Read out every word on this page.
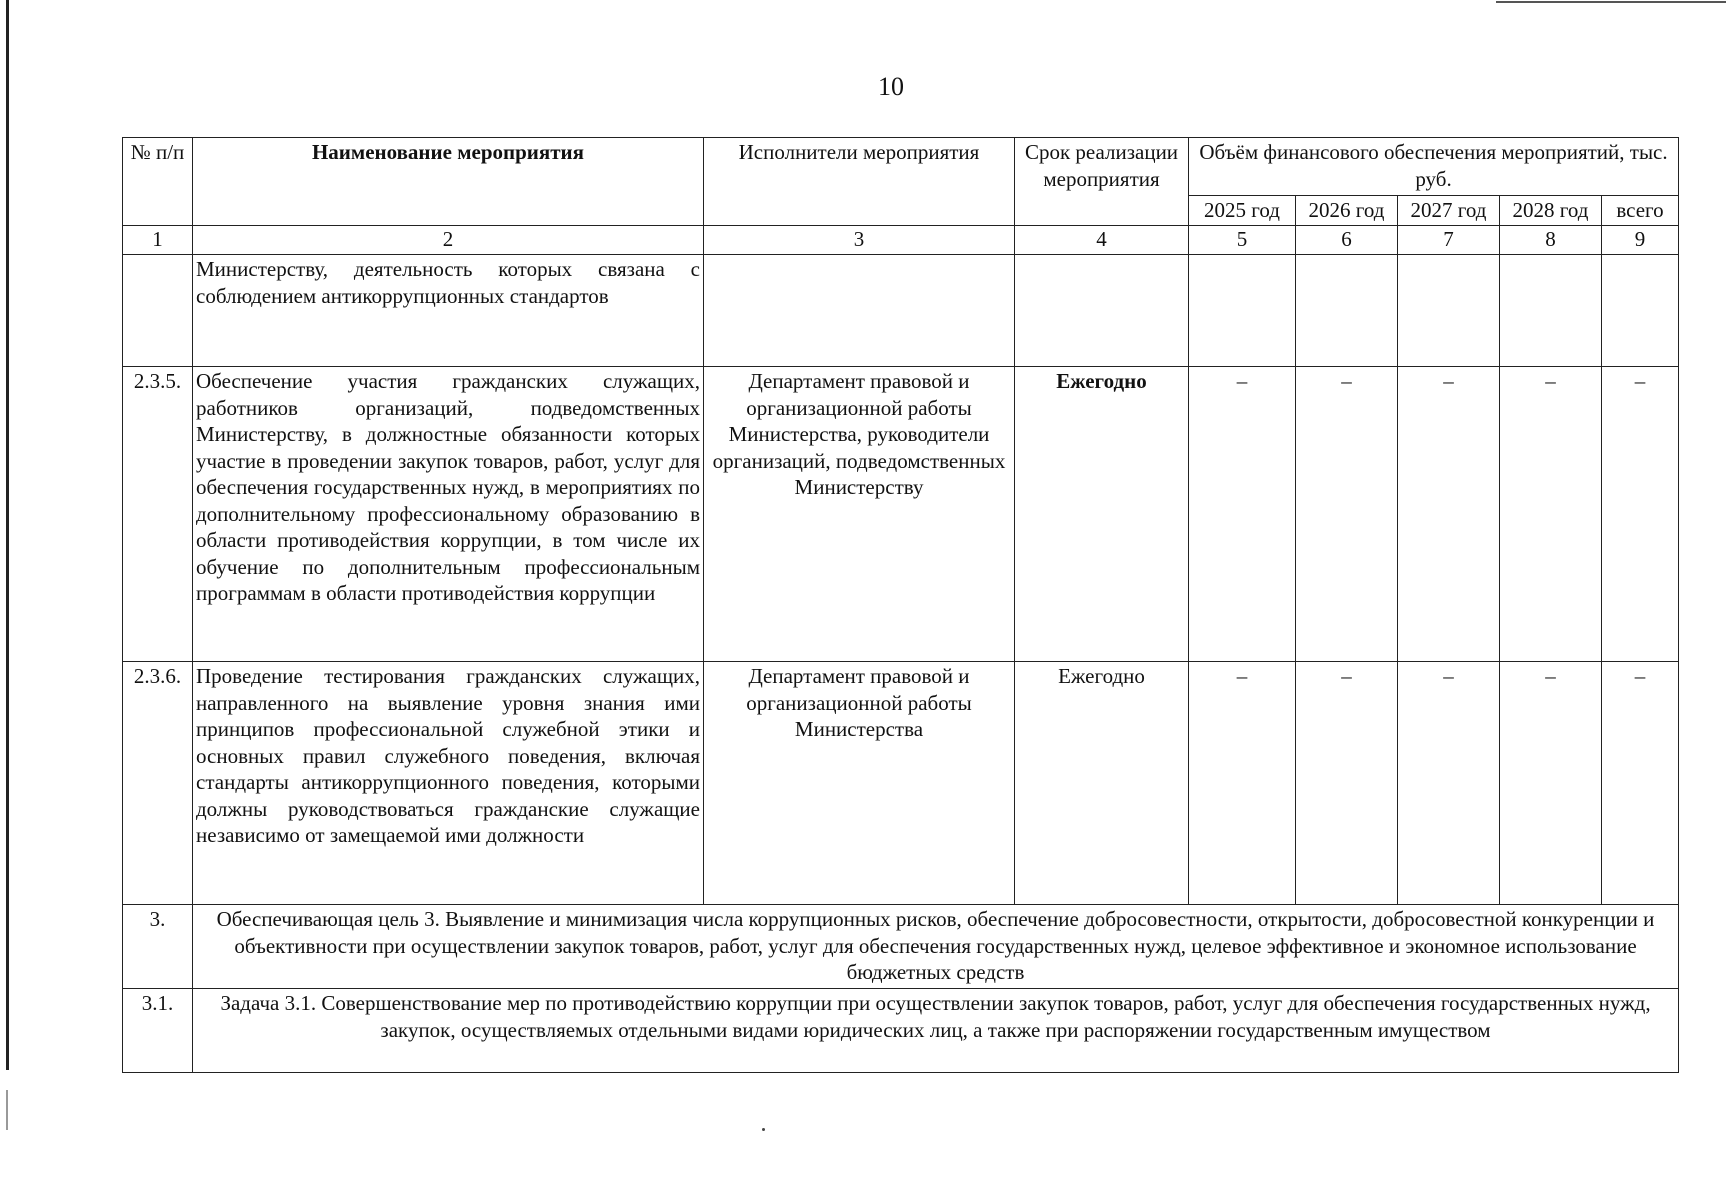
10
№ п/п	Наименование мероприятия	Исполнители мероприятия	Срок реализации мероприятия	Объём финансового обеспечения мероприятий, тыс. руб.				
				2025 год	2026 год	2027 год	2028 год	всего
1	2	3	4	5	6	7	8	9
	Министерству, деятельность которых связана с соблюдением антикоррупционных стандартов							
2.3.5.	Обеспечение участия гражданских служащих, работников организаций, подведомственных Министерству, в должностные обязанности которых участие в проведении закупок товаров, работ, услуг для обеспечения государственных нужд, в мероприятиях по дополнительному профессиональному образованию в области противодействия коррупции, в том числе их обучение по дополнительным профессиональным программам в области противодействия коррупции	Департамент правовой и организационной работы Министерства, руководители организаций, подведомственных Министерству	Ежегодно	–	–	–	–	–
2.3.6.	Проведение тестирования гражданских служащих, направленного на выявление уровня знания ими принципов профессиональной служебной этики и основных правил служебного поведения, включая стандарты антикоррупционного поведения, которыми должны руководствоваться гражданские служащие независимо от замещаемой ими должности	Департамент правовой и организационной работы Министерства	Ежегодно	–	–	–	–	–
3.	Обеспечивающая цель 3. Выявление и минимизация числа коррупционных рисков, обеспечение добросовестности, открытости, добросовестной конкуренции и объективности при осуществлении закупок товаров, работ, услуг для обеспечения государственных нужд, целевое эффективное и экономное использование бюджетных средств							
3.1.	Задача 3.1. Совершенствование мер по противодействию коррупции при осуществлении закупок товаров, работ, услуг для обеспечения государственных нужд, закупок, осуществляемых отдельными видами юридических лиц, а также при распоряжении государственным имуществом							
